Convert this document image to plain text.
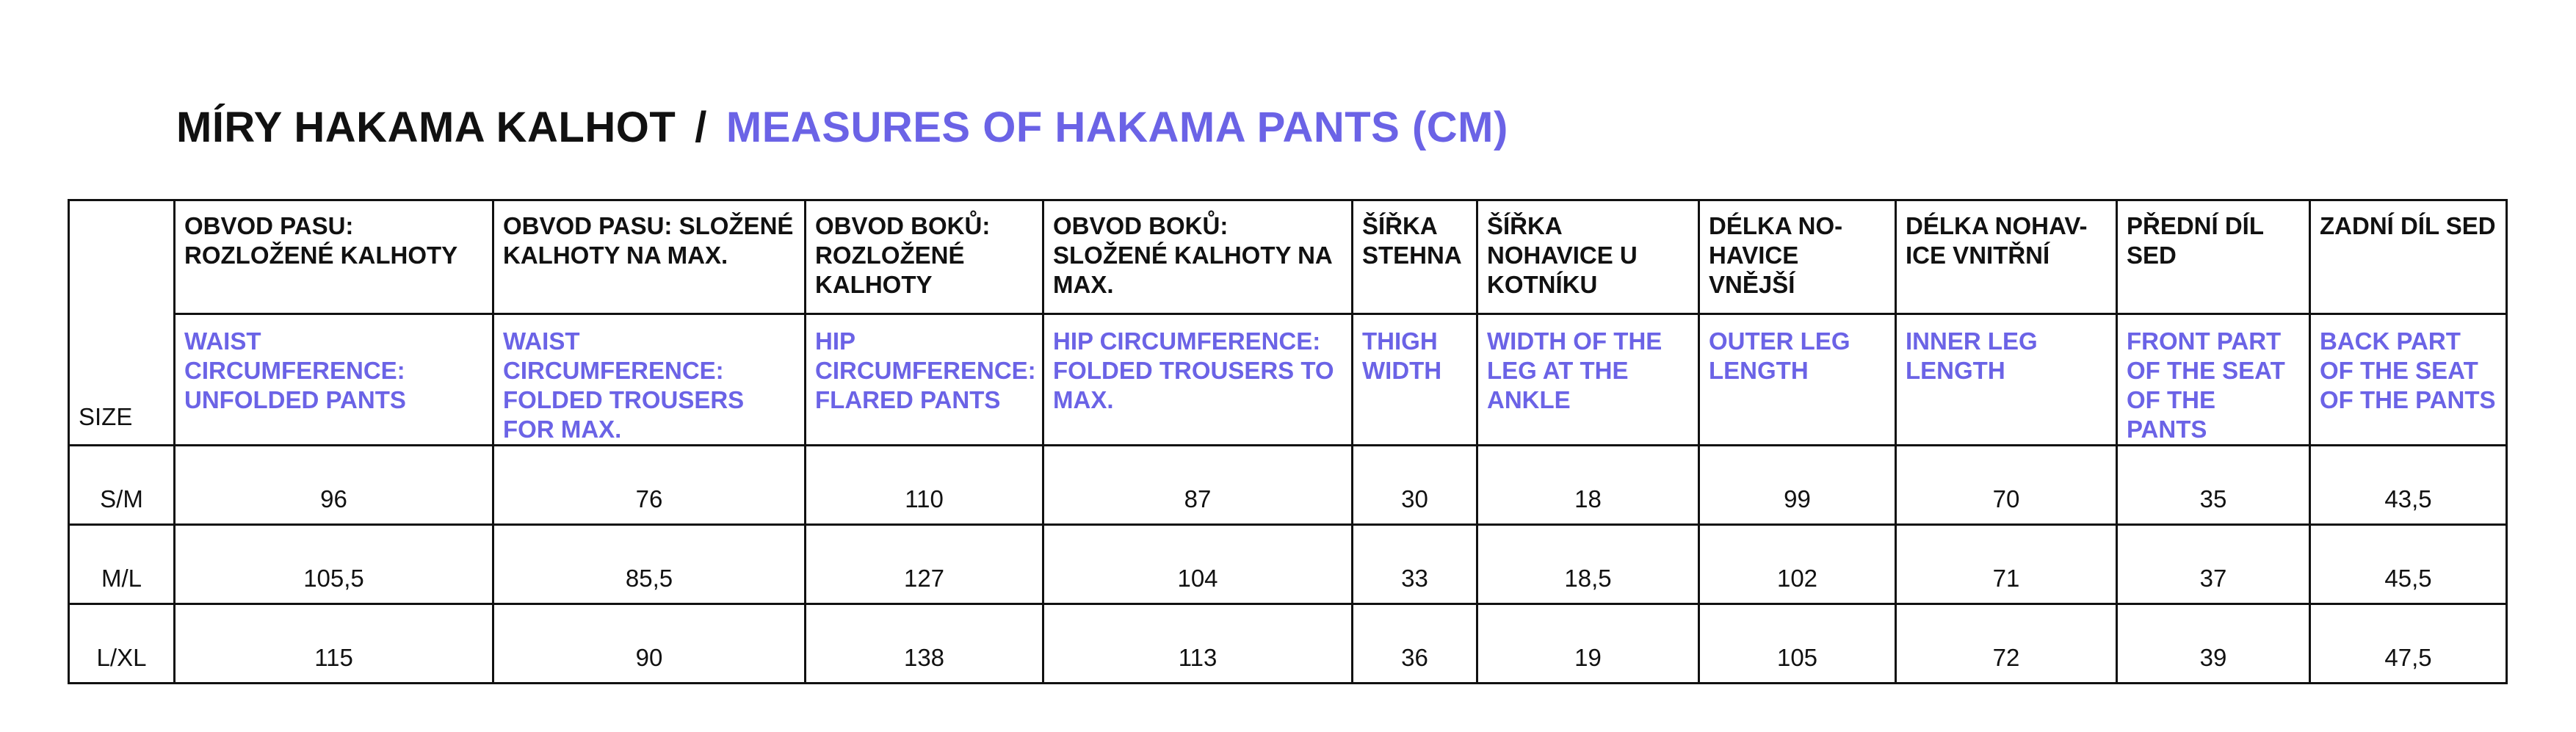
MÍRY HAKAMA KALHOT / MEASURES OF HAKAMA PANTS (CM)
SIZE	OBVOD PASU: ROZLOŽENÉ KALHOTY	OBVOD PASU: SLOŽENÉ KALHOTY NA MAX.	OBVOD BOKŮ: ROZLOŽENÉ KALHOTY	OBVOD BOKŮ: SLOŽENÉ KALHOTY NA MAX.	ŠÍŘKA STEHNA	ŠÍŘKA NOHAVICE U KOTNÍKU	DÉLKA NO-HAVICE VNĚJŠÍ	DÉLKA NOHAV-ICE VNITŘNÍ	PŘEDNÍ DÍL SED	ZADNÍ DÍL SED
	WAIST CIRCUMFERENCE: UNFOLDED PANTS	WAIST CIRCUMFERENCE: FOLDED TROUSERS FOR MAX.	HIP CIRCUMFERENCE: FLARED PANTS	HIP CIRCUMFERENCE: FOLDED TROUSERS TO MAX.	THIGH WIDTH	WIDTH OF THE LEG AT THE ANKLE	OUTER LEG LENGTH	INNER LEG LENGTH	FRONT PART OF THE SEAT OF THE PANTS	BACK PART OF THE SEAT OF THE PANTS
S/M	96	76	110	87	30	18	99	70	35	43,5
M/L	105,5	85,5	127	104	33	18,5	102	71	37	45,5
L/XL	115	90	138	113	36	19	105	72	39	47,5
